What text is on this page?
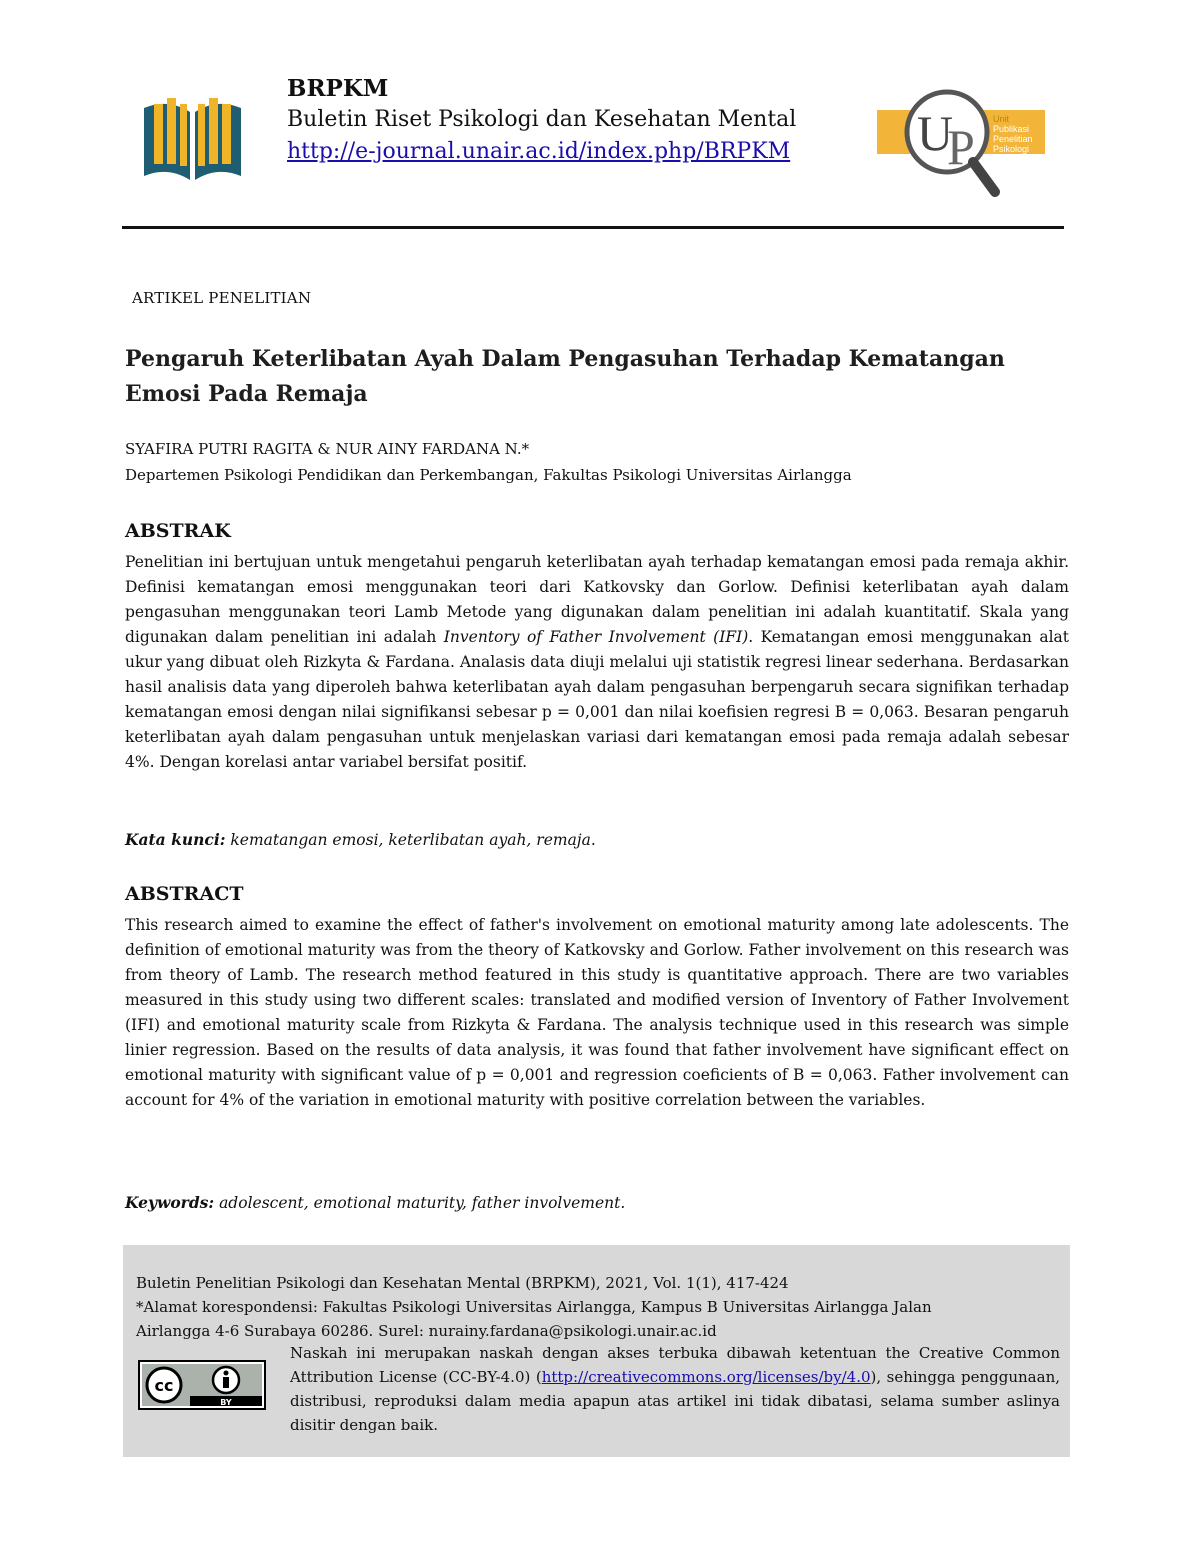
BRPKM
Buletin Riset Psikologi dan Kesehatan Mental
http://e-journal.unair.ac.id/index.php/BRPKM	U
P Unit
Publikasi
Penelitian
Psikologi
ARTIKEL PENELITIAN
Pengaruh Keterlibatan Ayah Dalam Pengasuhan Terhadap Kematangan
Emosi Pada Remaja
SYAFIRA PUTRI RAGITA & NUR AINY FARDANA N.*
Departemen Psikologi Pendidikan dan Perkembangan, Fakultas Psikologi Universitas Airlangga
ABSTRAK
Penelitian ini bertujuan untuk mengetahui pengaruh keterlibatan ayah terhadap kematangan emosi pada remaja akhir. Definisi kematangan emosi menggunakan teori dari Katkovsky dan Gorlow. Definisi keterlibatan ayah dalam pengasuhan menggunakan teori Lamb Metode yang digunakan dalam penelitian ini adalah kuantitatif. Skala yang digunakan dalam penelitian ini adalah Inventory of Father Involvement (IFI). Kematangan emosi menggunakan alat ukur yang dibuat oleh Rizkyta & Fardana. Analasis data diuji melalui uji statistik regresi linear sederhana. Berdasarkan hasil analisis data yang diperoleh bahwa keterlibatan ayah dalam pengasuhan berpengaruh secara signifikan terhadap kematangan emosi dengan nilai signifikansi sebesar p = 0,001 dan nilai koefisien regresi B = 0,063. Besaran pengaruh keterlibatan ayah dalam pengasuhan untuk menjelaskan variasi dari kematangan emosi pada remaja adalah sebesar 4%. Dengan korelasi antar variabel bersifat positif.
Kata kunci: kematangan emosi, keterlibatan ayah, remaja.
ABSTRACT
This research aimed to examine the effect of father's involvement on emotional maturity among late adolescents. The definition of emotional maturity was from the theory of Katkovsky and Gorlow. Father involvement on this research was from theory of Lamb. The research method featured in this study is quantitative approach. There are two variables measured in this study using two different scales: translated and modified version of Inventory of Father Involvement (IFI) and emotional maturity scale from Rizkyta & Fardana. The analysis technique used in this research was simple linier regression. Based on the results of data analysis, it was found that father involvement have significant effect on emotional maturity with significant value of p = 0,001 and regression coeficients of B = 0,063. Father involvement can account for 4% of the variation in emotional maturity with positive correlation between the variables.
Keywords: adolescent, emotional maturity, father involvement.
Buletin Penelitian Psikologi dan Kesehatan Mental (BRPKM), 2021, Vol. 1(1), 417-424
*Alamat korespondensi: Fakultas Psikologi Universitas Airlangga, Kampus B Universitas Airlangga Jalan
Airlangga 4-6 Surabaya 60286. Surel: nurainy.fardana@psikologi.unair.ac.id
cc
BY
Naskah ini merupakan naskah dengan akses terbuka dibawah ketentuan the Creative Common Attribution License (CC-BY-4.0) (http://creativecommons.org/licenses/by/4.0), sehingga penggunaan, distribusi, reproduksi dalam media apapun atas artikel ini tidak dibatasi, selama sumber aslinya disitir dengan baik.
